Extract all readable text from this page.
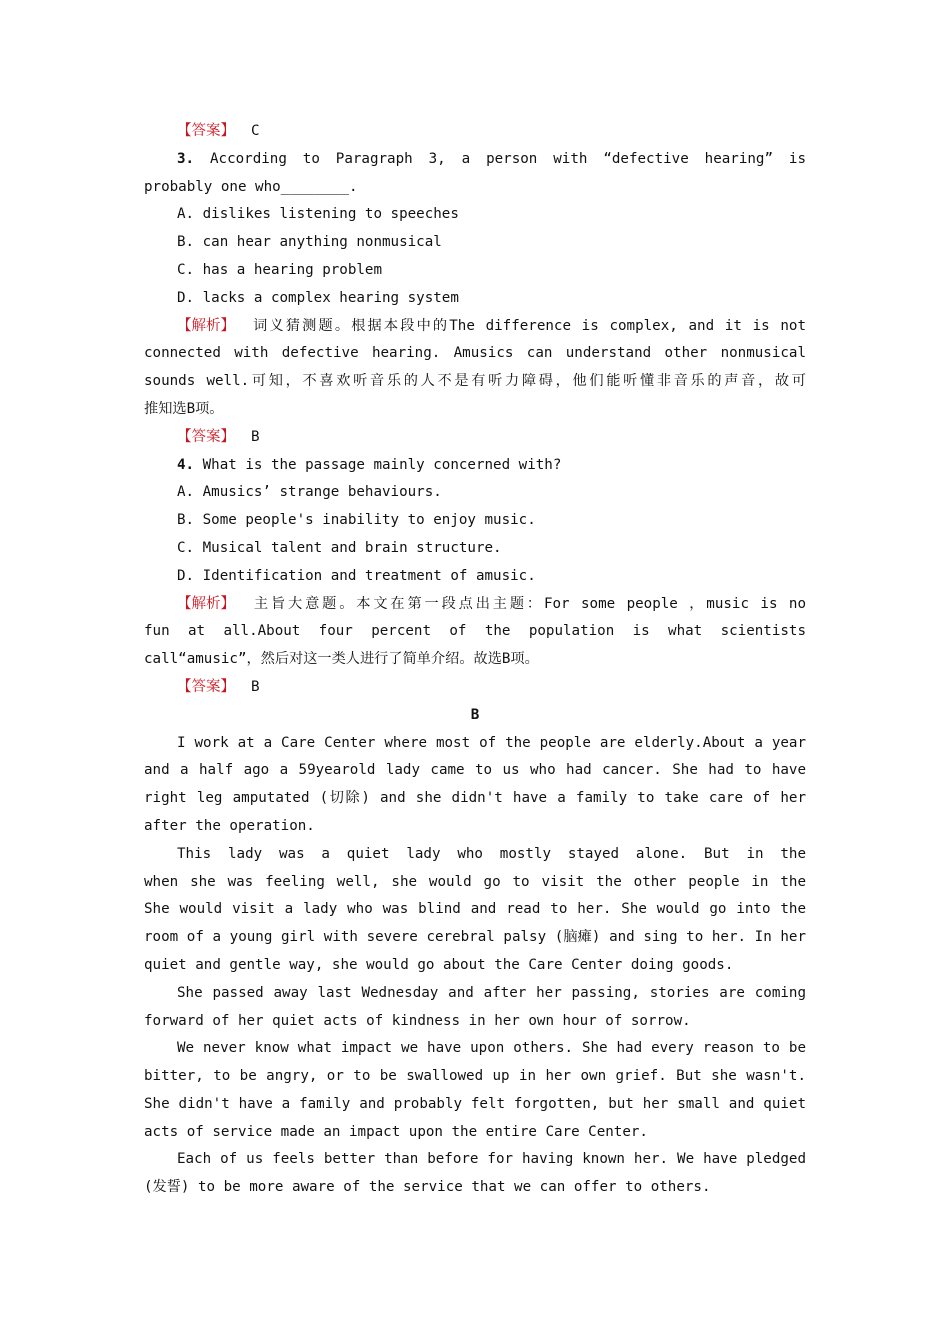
【答案】 C
3. According to Paragraph 3, a person with “defective hearing” is
probably one who________.
A. dislikes listening to speeches
B. can hear anything nonmusical
C. has a hearing problem
D. lacks a complex hearing system
【解析】 词义猜测题。根据本段中的The difference is complex, and it is not
connected with defective hearing. Amusics can understand other nonmusical
sounds well.可知，不喜欢听音乐的人不是有听力障碍，他们能听懂非音乐的声音，故可
推知选B项。
【答案】 B
4. What is the passage mainly concerned with?
A. Amusics’ strange behaviours.
B. Some people's inability to enjoy music.
C. Musical talent and brain structure.
D. Identification and treatment of amusic.
【解析】 主旨大意题。本文在第一段点出主题：For some people ，music is no
fun at all.About four percent of the population is what scientists
call“amusic”，然后对这一类人进行了简单介绍。故选B项。
【答案】 B
B
I work at a Care Center where most of the people are elderly.About a year
and a half ago a 59yearold lady came to us who had cancer. She had to have
right leg amputated (切除) and she didn't have a family to take care of her
after the operation.
This lady was a quiet lady who mostly stayed alone. But in the
when she was feeling well, she would go to visit the other people in the
She would visit a lady who was blind and read to her. She would go into the
room of a young girl with severe cerebral palsy (脑瘫) and sing to her. In her
quiet and gentle way, she would go about the Care Center doing goods.
She passed away last Wednesday and after her passing, stories are coming
forward of her quiet acts of kindness in her own hour of sorrow.
We never know what impact we have upon others. She had every reason to be
bitter, to be angry, or to be swallowed up in her own grief. But she wasn't.
She didn't have a family and probably felt forgotten, but her small and quiet
acts of service made an impact upon the entire Care Center.
Each of us feels better than before for having known her. We have pledged
(发誓) to be more aware of the service that we can offer to others.
